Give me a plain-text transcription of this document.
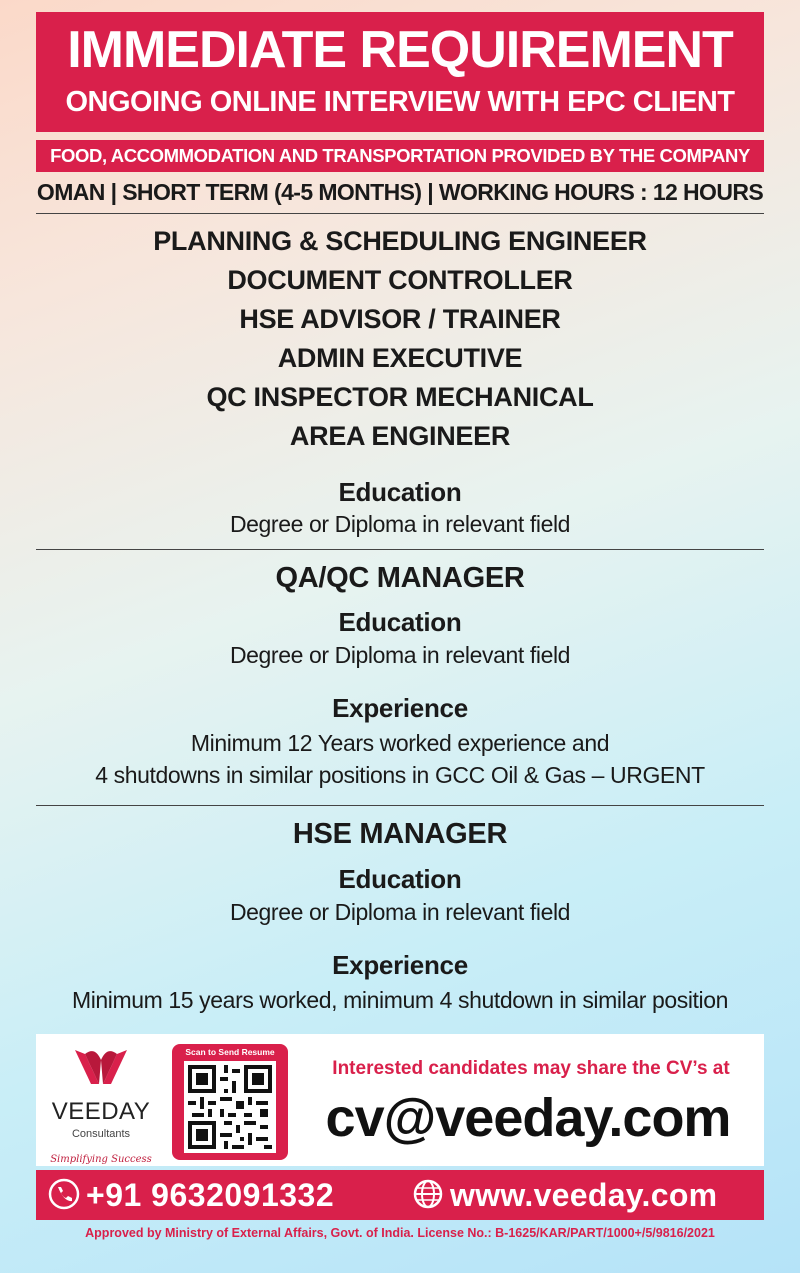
IMMEDIATE REQUIREMENT
ONGOING ONLINE INTERVIEW WITH EPC CLIENT
FOOD, ACCOMMODATION AND TRANSPORTATION PROVIDED BY THE COMPANY
OMAN | SHORT TERM (4-5 MONTHS) | WORKING HOURS : 12 HOURS
PLANNING & SCHEDULING ENGINEER
DOCUMENT CONTROLLER
HSE ADVISOR / TRAINER
ADMIN EXECUTIVE
QC INSPECTOR MECHANICAL
AREA ENGINEER
Education
Degree or Diploma in relevant field
QA/QC MANAGER
Education
Degree or Diploma in relevant field
Experience
Minimum 12 Years worked experience and
4 shutdowns in similar positions in GCC Oil & Gas – URGENT
HSE MANAGER
Education
Degree or Diploma in relevant field
Experience
Minimum 15 years worked, minimum 4 shutdown in similar position
VEEDAY
Consultants
Simplifying Success
Scan to Send Resume
Interested candidates may share the CV’s at
cv@veeday.com
+91 9632091332	www.veeday.com
Approved by Ministry of External Affairs, Govt. of India. License No.: B-1625/KAR/PART/1000+/5/9816/2021
